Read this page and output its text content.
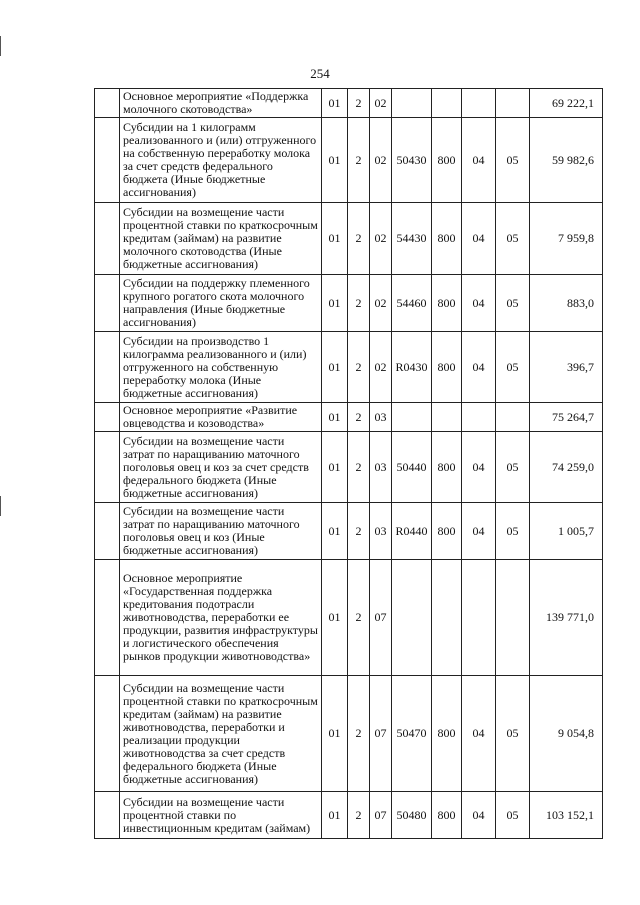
254
	Основное мероприятие «Поддержка молочного скотоводства»	01	2	02					69 222,1
	Субсидии на 1 килограмм реализованного и (или) отгруженного на собственную переработку молока за счет средств федерального бюджета (Иные бюджетные ассигнования)	01	2	02	50430	800	04	05	59 982,6
	Субсидии на возмещение части процентной ставки по краткосрочным кредитам (займам) на развитие молочного скотоводства (Иные бюджетные ассигнования)	01	2	02	54430	800	04	05	7 959,8
	Субсидии на поддержку племенного крупного рогатого скота молочного направления (Иные бюджетные ассигнования)	01	2	02	54460	800	04	05	883,0
	Субсидии на производство 1 килограмма реализованного и (или) отгруженного на собственную переработку молока (Иные бюджетные ассигнования)	01	2	02	R0430	800	04	05	396,7
	Основное мероприятие «Развитие овцеводства и козоводства»	01	2	03					75 264,7
	Субсидии на возмещение части затрат по наращиванию маточного поголовья овец и коз за счет средств федерального бюджета (Иные бюджетные ассигнования)	01	2	03	50440	800	04	05	74 259,0
	Субсидии на возмещение части затрат по наращиванию маточного поголовья овец и коз (Иные бюджетные ассигнования)	01	2	03	R0440	800	04	05	1 005,7
	Основное мероприятие «Государственная поддержка кредитования подотрасли животноводства, переработки ее продукции, развития инфраструктуры и логистического обеспечения рынков продукции животноводства»	01	2	07					139 771,0
	Субсидии на возмещение части процентной ставки по краткосрочным кредитам (займам) на развитие животноводства, переработки и реализации продукции животноводства за счет средств федерального бюджета (Иные бюджетные ассигнования)	01	2	07	50470	800	04	05	9 054,8
	Субсидии на возмещение части процентной ставки по инвестиционным кредитам (займам)	01	2	07	50480	800	04	05	103 152,1
